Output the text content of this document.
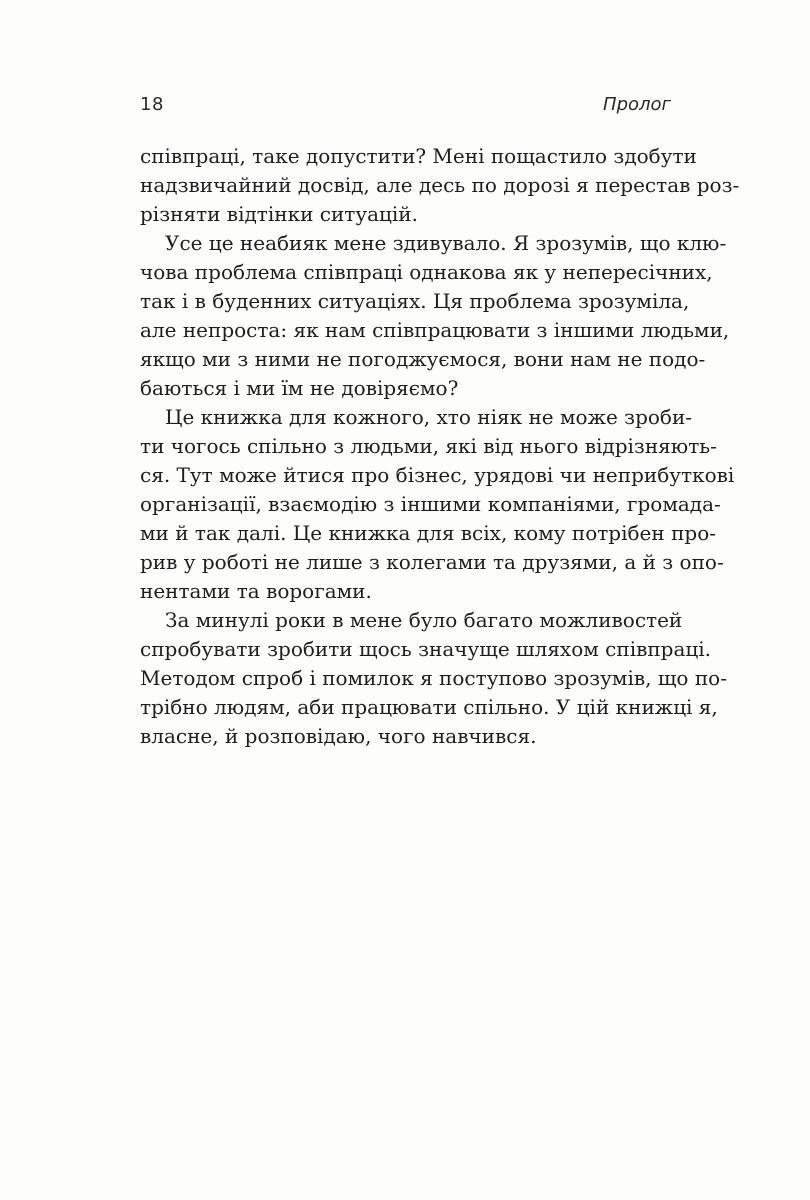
18	Пролог

співпраці, таке допустити? Мені пощастило здобути
надзвичайний досвід, але десь по дорозі я перестав роз-
різняти відтінки ситуацій.

Усе це неабияк мене здивувало. Я зрозумів, що клю-
чова проблема співпраці однакова як у непересічних,
так і в буденних ситуаціях. Ця проблема зрозуміла,
але непроста: як нам співпрацювати з іншими людьми,
якщо ми з ними не погоджуємося, вони нам не подо-
баються і ми їм не довіряємо?

Це книжка для кожного, хто ніяк не може зроби-
ти чогось спільно з людьми, які від нього відрізняють-
ся. Тут може йтися про бізнес, урядові чи неприбуткові
організації, взаємодію з іншими компаніями, громада-
ми й так далі. Це книжка для всіх, кому потрібен про-
рив у роботі не лише з колегами та друзями, а й з опо-
нентами та ворогами.

За минулі роки в мене було багато можливостей
спробувати зробити щось значуще шляхом співпраці.
Методом спроб і помилок я поступово зрозумів, що по-
трібно людям, аби працювати спільно. У цій книжці я,
власне, й розповідаю, чого навчився.
